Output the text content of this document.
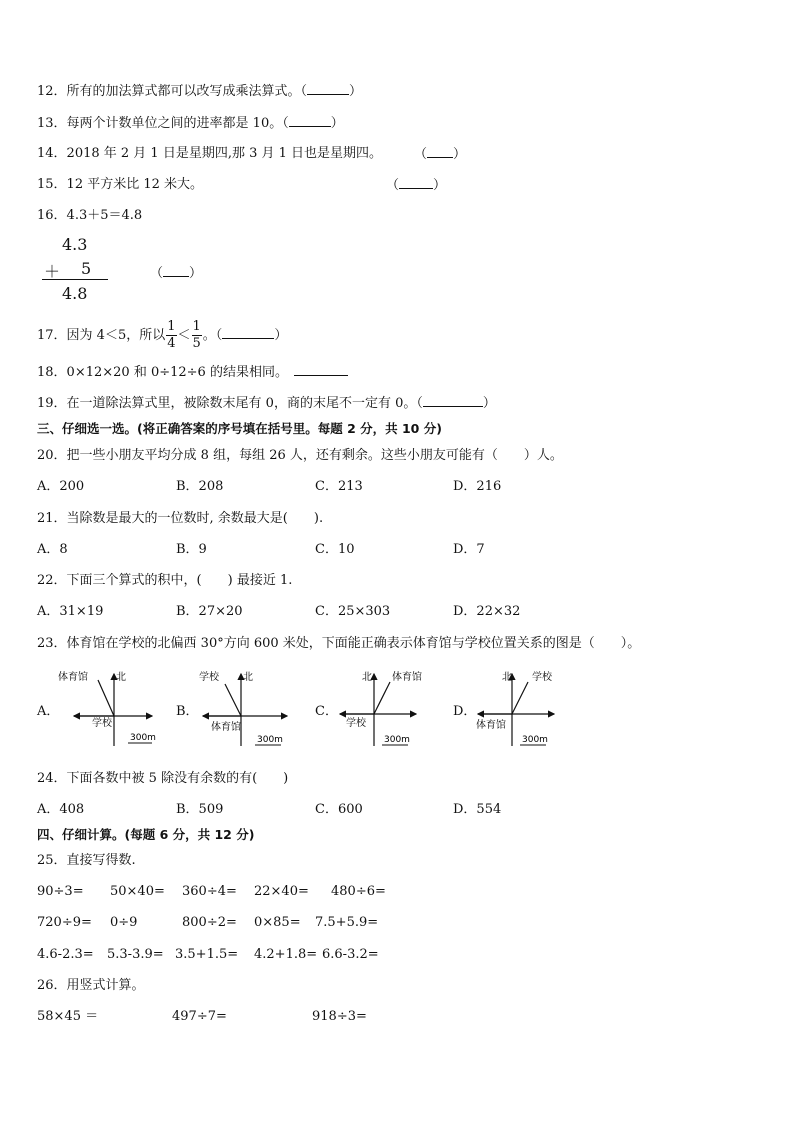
12．所有的加法算式都可以改写成乘法算式。（	）
13．每两个计数单位之间的进率都是 10。（	）
14．2018 年 2 月 1 日是星期四,那 3 月 1 日也是星期四。 （ ）
15．12 平方米比 12 米大。	（	）
16．4.3＋5＝4.8
4.3
＋ 5
4.8
（ ）
17．因为 4＜5，所以 $\frac{1}{4} < \frac{1}{5}$ 。（	）
18．0×12×20 和 0÷12÷6 的结果相同。
19．在一道除法算式里，被除数末尾有 0，商的末尾不一定有 0。（	）
三、仔细选一选。(将正确答案的序号填在括号里。每题 2 分，共 10 分)
20．把一些小朋友平均分成 8 组，每组 26 人，还有剩余。这些小朋友可能有（　　）人。
A．200	B．208	C．213	D．216
21．当除数是最大的一位数时, 余数最大是(　　).
A．8	B．9	C．10	D．7
22．下面三个算式的积中，(　　) 最接近 1.
A．31×19	B．27×20	C．25×303	D．22×32
23．体育馆在学校的北偏西 30°方向 600 米处，下面能正确表示体育馆与学校位置关系的图是（　　）。
A．	B．	C．	D．
体育馆	北
学校
300m
学校 北
体育馆
300m
北 体育馆
学校
300m
北 学校
体育馆
300m
24．下面各数中被 5 除没有余数的有(　　)
A．408	B．509	C．600	D．554
四、仔细计算。(每题 6 分，共 12 分)
25．直接写得数.
90÷3= 50×40= 360÷4= 22×40= 480÷6=
720÷9= 0÷9	800÷2= 0×85= 7.5+5.9=
4.6-2.3= 5.3-3.9= 3.5+1.5= 4.2+1.8= 6.6-3.2=
26．用竖式计算。
58×45 ＝	497÷7=	918÷3=
